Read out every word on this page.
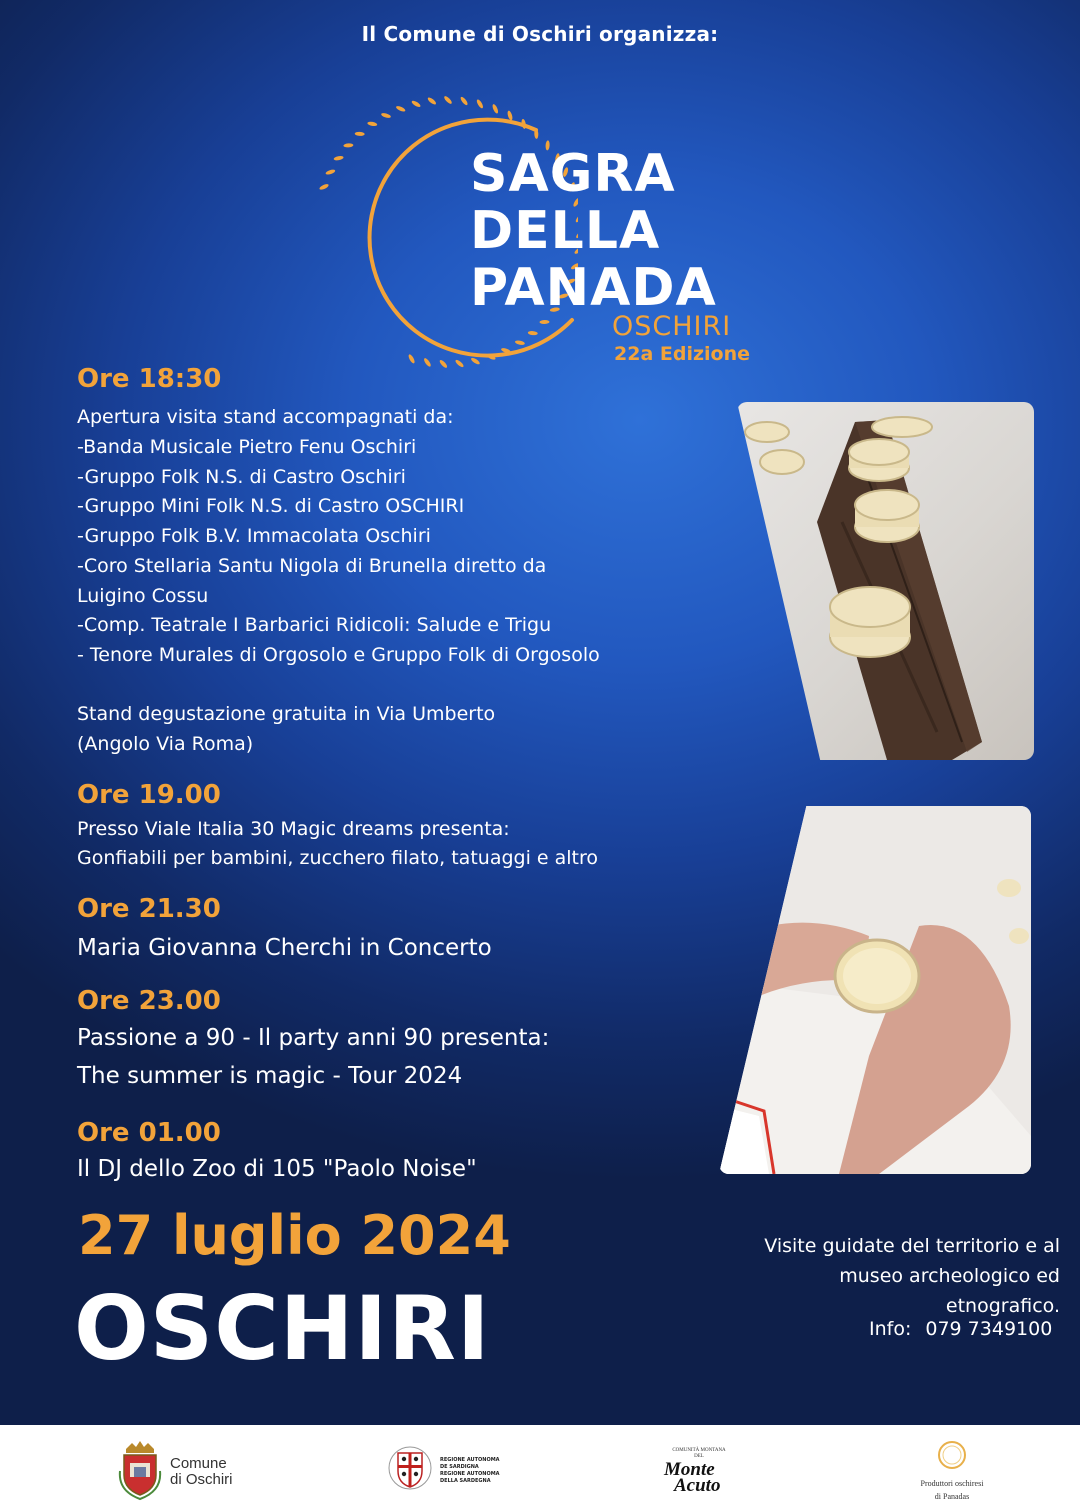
Il Comune di Oschiri organizza:
SAGRA
DELLA
PANADA
OSCHIRI
22a Edizione
Ore 18:30
Apertura visita stand accompagnati da:
-Banda Musicale Pietro Fenu Oschiri
-Gruppo Folk N.S. di Castro Oschiri
-Gruppo Mini Folk N.S. di Castro OSCHIRI
-Gruppo Folk B.V. Immacolata Oschiri
-Coro Stellaria Santu Nigola di Brunella diretto da
Luigino Cossu
-Comp. Teatrale I Barbarici Ridicoli: Salude e Trigu
- Tenore Murales di Orgosolo e Gruppo Folk di Orgosolo
Stand degustazione gratuita in Via Umberto
(Angolo Via Roma)
Ore 19.00
Presso Viale Italia 30 Magic dreams presenta:
Gonfiabili per bambini, zucchero filato, tatuaggi e altro
Ore 21.30
Maria Giovanna Cherchi in Concerto
Ore 23.00
Passione a 90 - Il party anni 90 presenta:
The summer is magic - Tour 2024
Ore 01.00
Il DJ dello Zoo di 105 "Paolo Noise"
27 luglio 2024
OSCHIRI
Visite guidate del territorio e al
museo archeologico ed
etnografico.
Info: 079 7349100
Comune
di Oschiri
REGIONE AUTONOMA
DE SARDIGNA
REGIONE AUTONOMA
DELLA SARDEGNA
COMUNITÀ MONTANA
DEL
Monte
Acuto	Produttori oschiresi
di Panadas
